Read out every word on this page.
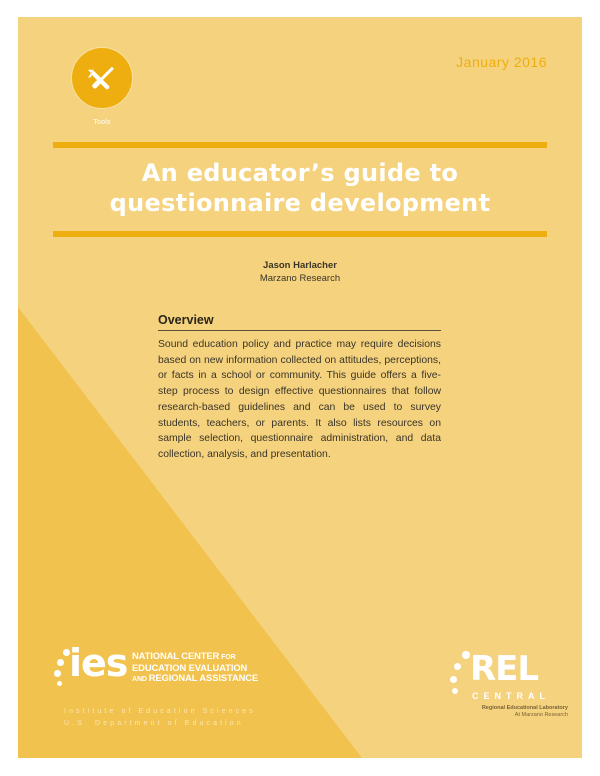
Tools
January 2016
An educator’s guide to
questionnaire development
Jason Harlacher
Marzano Research
Overview
Sound education policy and practice may require decisions based on new information collected on attitudes, perceptions, or facts in a school or community. This guide offers a five-step process to design effective questionnaires that follow research-based guidelines and can be used to survey students, teachers, or parents. It also lists resources on sample selection, questionnaire administration, and data collection, analysis, and presentation.
ies NATIONAL CENTER FOR
EDUCATION EVALUATION
AND REGIONAL ASSISTANCE
Institute of Education Sciences
U.S. Department of Education
REL
CENTRAL
Regional Educational Laboratory
At Marzano Research
